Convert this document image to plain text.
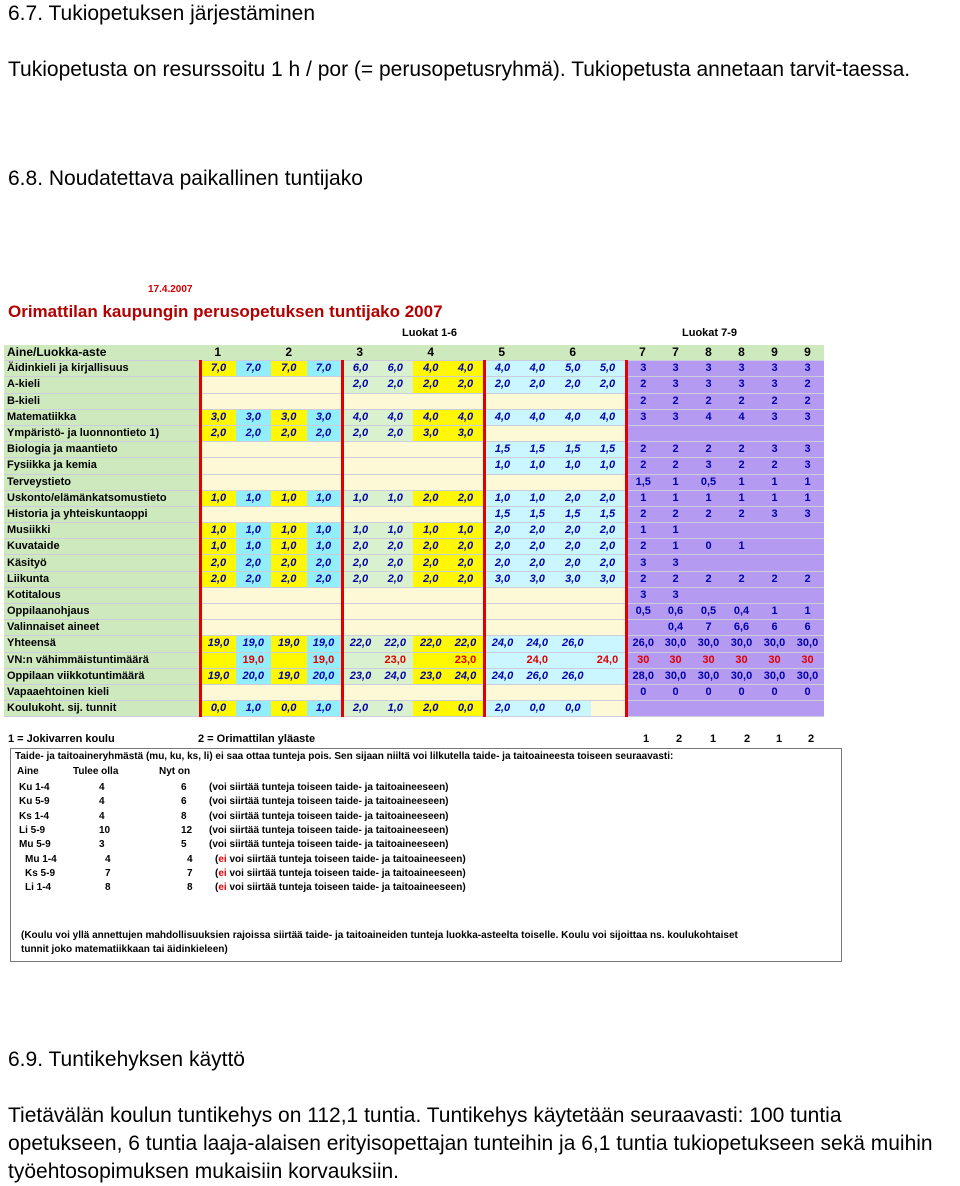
6.7. Tukiopetuksen järjestäminen
Tukiopetusta on resurssoitu 1 h / por (= perusopetusryhmä). Tukiopetusta annetaan tarvit-taessa.
6.8. Noudatettava paikallinen tuntijako
17.4.2007
Orimattilan kaupungin perusopetuksen tuntijako 2007
Luokat 1-6	Luokat 7-9
Aine/Luokka-aste	1		2		3		4		5		6		7	7	8	8	9	9
Äidinkieli ja kirjallisuus	7,0	7,0	7,0	7,0	6,0	6,0	4,0	4,0	4,0	4,0	5,0	5,0	3	3	3	3	3	3
A-kieli					2,0	2,0	2,0	2,0	2,0	2,0	2,0	2,0	2	3	3	3	3	2
B-kieli													2	2	2	2	2	2
Matematiikka	3,0	3,0	3,0	3,0	4,0	4,0	4,0	4,0	4,0	4,0	4,0	4,0	3	3	4	4	3	3
Ympäristö- ja luonnontieto 1)	2,0	2,0	2,0	2,0	2,0	2,0	3,0	3,0										
Biologia ja maantieto									1,5	1,5	1,5	1,5	2	2	2	2	3	3
Fysiikka ja kemia									1,0	1,0	1,0	1,0	2	2	3	2	2	3
Terveystieto													1,5	1	0,5	1	1	1
Uskonto/elämänkatsomustieto	1,0	1,0	1,0	1,0	1,0	1,0	2,0	2,0	1,0	1,0	2,0	2,0	1	1	1	1	1	1
Historia ja yhteiskuntaoppi									1,5	1,5	1,5	1,5	2	2	2	2	3	3
Musiikki	1,0	1,0	1,0	1,0	1,0	1,0	1,0	1,0	2,0	2,0	2,0	2,0	1	1				
Kuvataide	1,0	1,0	1,0	1,0	2,0	2,0	2,0	2,0	2,0	2,0	2,0	2,0	2	1	0	1		
Käsityö	2,0	2,0	2,0	2,0	2,0	2,0	2,0	2,0	2,0	2,0	2,0	2,0	3	3				
Liikunta	2,0	2,0	2,0	2,0	2,0	2,0	2,0	2,0	3,0	3,0	3,0	3,0	2	2	2	2	2	2
Kotitalous													3	3				
Oppilaanohjaus													0,5	0,6	0,5	0,4	1	1
Valinnaiset aineet														0,4	7	6,6	6	6
Yhteensä	19,0	19,0	19,0	19,0	22,0	22,0	22,0	22,0	24,0	24,0	26,0		26,0	30,0	30,0	30,0	30,0	30,0
VN:n vähimmäistuntimäärä		19,0		19,0		23,0		23,0		24,0		24,0	30	30	30	30	30	30
Oppilaan viikkotuntimäärä	19,0	20,0	19,0	20,0	23,0	24,0	23,0	24,0	24,0	26,0	26,0		28,0	30,0	30,0	30,0	30,0	30,0
Vapaaehtoinen kieli													0	0	0	0	0	0
Koulukoht. sij. tunnit	0,0	1,0	0,0	1,0	2,0	1,0	2,0	0,0	2,0	0,0	0,0							
1 = Jokivarren koulu	2 = Orimattilan yläaste	1 2	1	2 1 2
Taide- ja taitoaineryhmästä (mu, ku, ks, li) ei saa ottaa tunteja pois. Sen sijaan niiltä voi lilkutella taide- ja taitoaineesta toiseen seuraavasti:
Aine	Tulee olla	Nyt on
Ku 1-4	4	6 (voi siirtää tunteja toiseen taide- ja taitoaineeseen)
Ku 5-9	4	6 (voi siirtää tunteja toiseen taide- ja taitoaineeseen)
Ks 1-4	4	8 (voi siirtää tunteja toiseen taide- ja taitoaineeseen)
Li 5-9	10	12 (voi siirtää tunteja toiseen taide- ja taitoaineeseen)
Mu 5-9	3	5 (voi siirtää tunteja toiseen taide- ja taitoaineeseen)
Mu 1-4	4	4 (ei voi siirtää tunteja toiseen taide- ja taitoaineeseen)
Ks 5-9	7	7 (ei voi siirtää tunteja toiseen taide- ja taitoaineeseen)
Li 1-4	8	8 (ei voi siirtää tunteja toiseen taide- ja taitoaineeseen)
(Koulu voi yllä annettujen mahdollisuuksien rajoissa siirtää taide- ja taitoaineiden tunteja luokka-asteelta toiselle. Koulu voi sijoittaa ns. koulukohtaiset
tunnit joko matematiikkaan tai äidinkieleen)
6.9. Tuntikehyksen käyttö
Tietävälän koulun tuntikehys on 112,1 tuntia. Tuntikehys käytetään seuraavasti: 100 tuntia opetukseen, 6 tuntia laaja-alaisen erityisopettajan tunteihin ja 6,1 tuntia tukiopetukseen sekä muihin työehtosopimuksen mukaisiin korvauksiin.
